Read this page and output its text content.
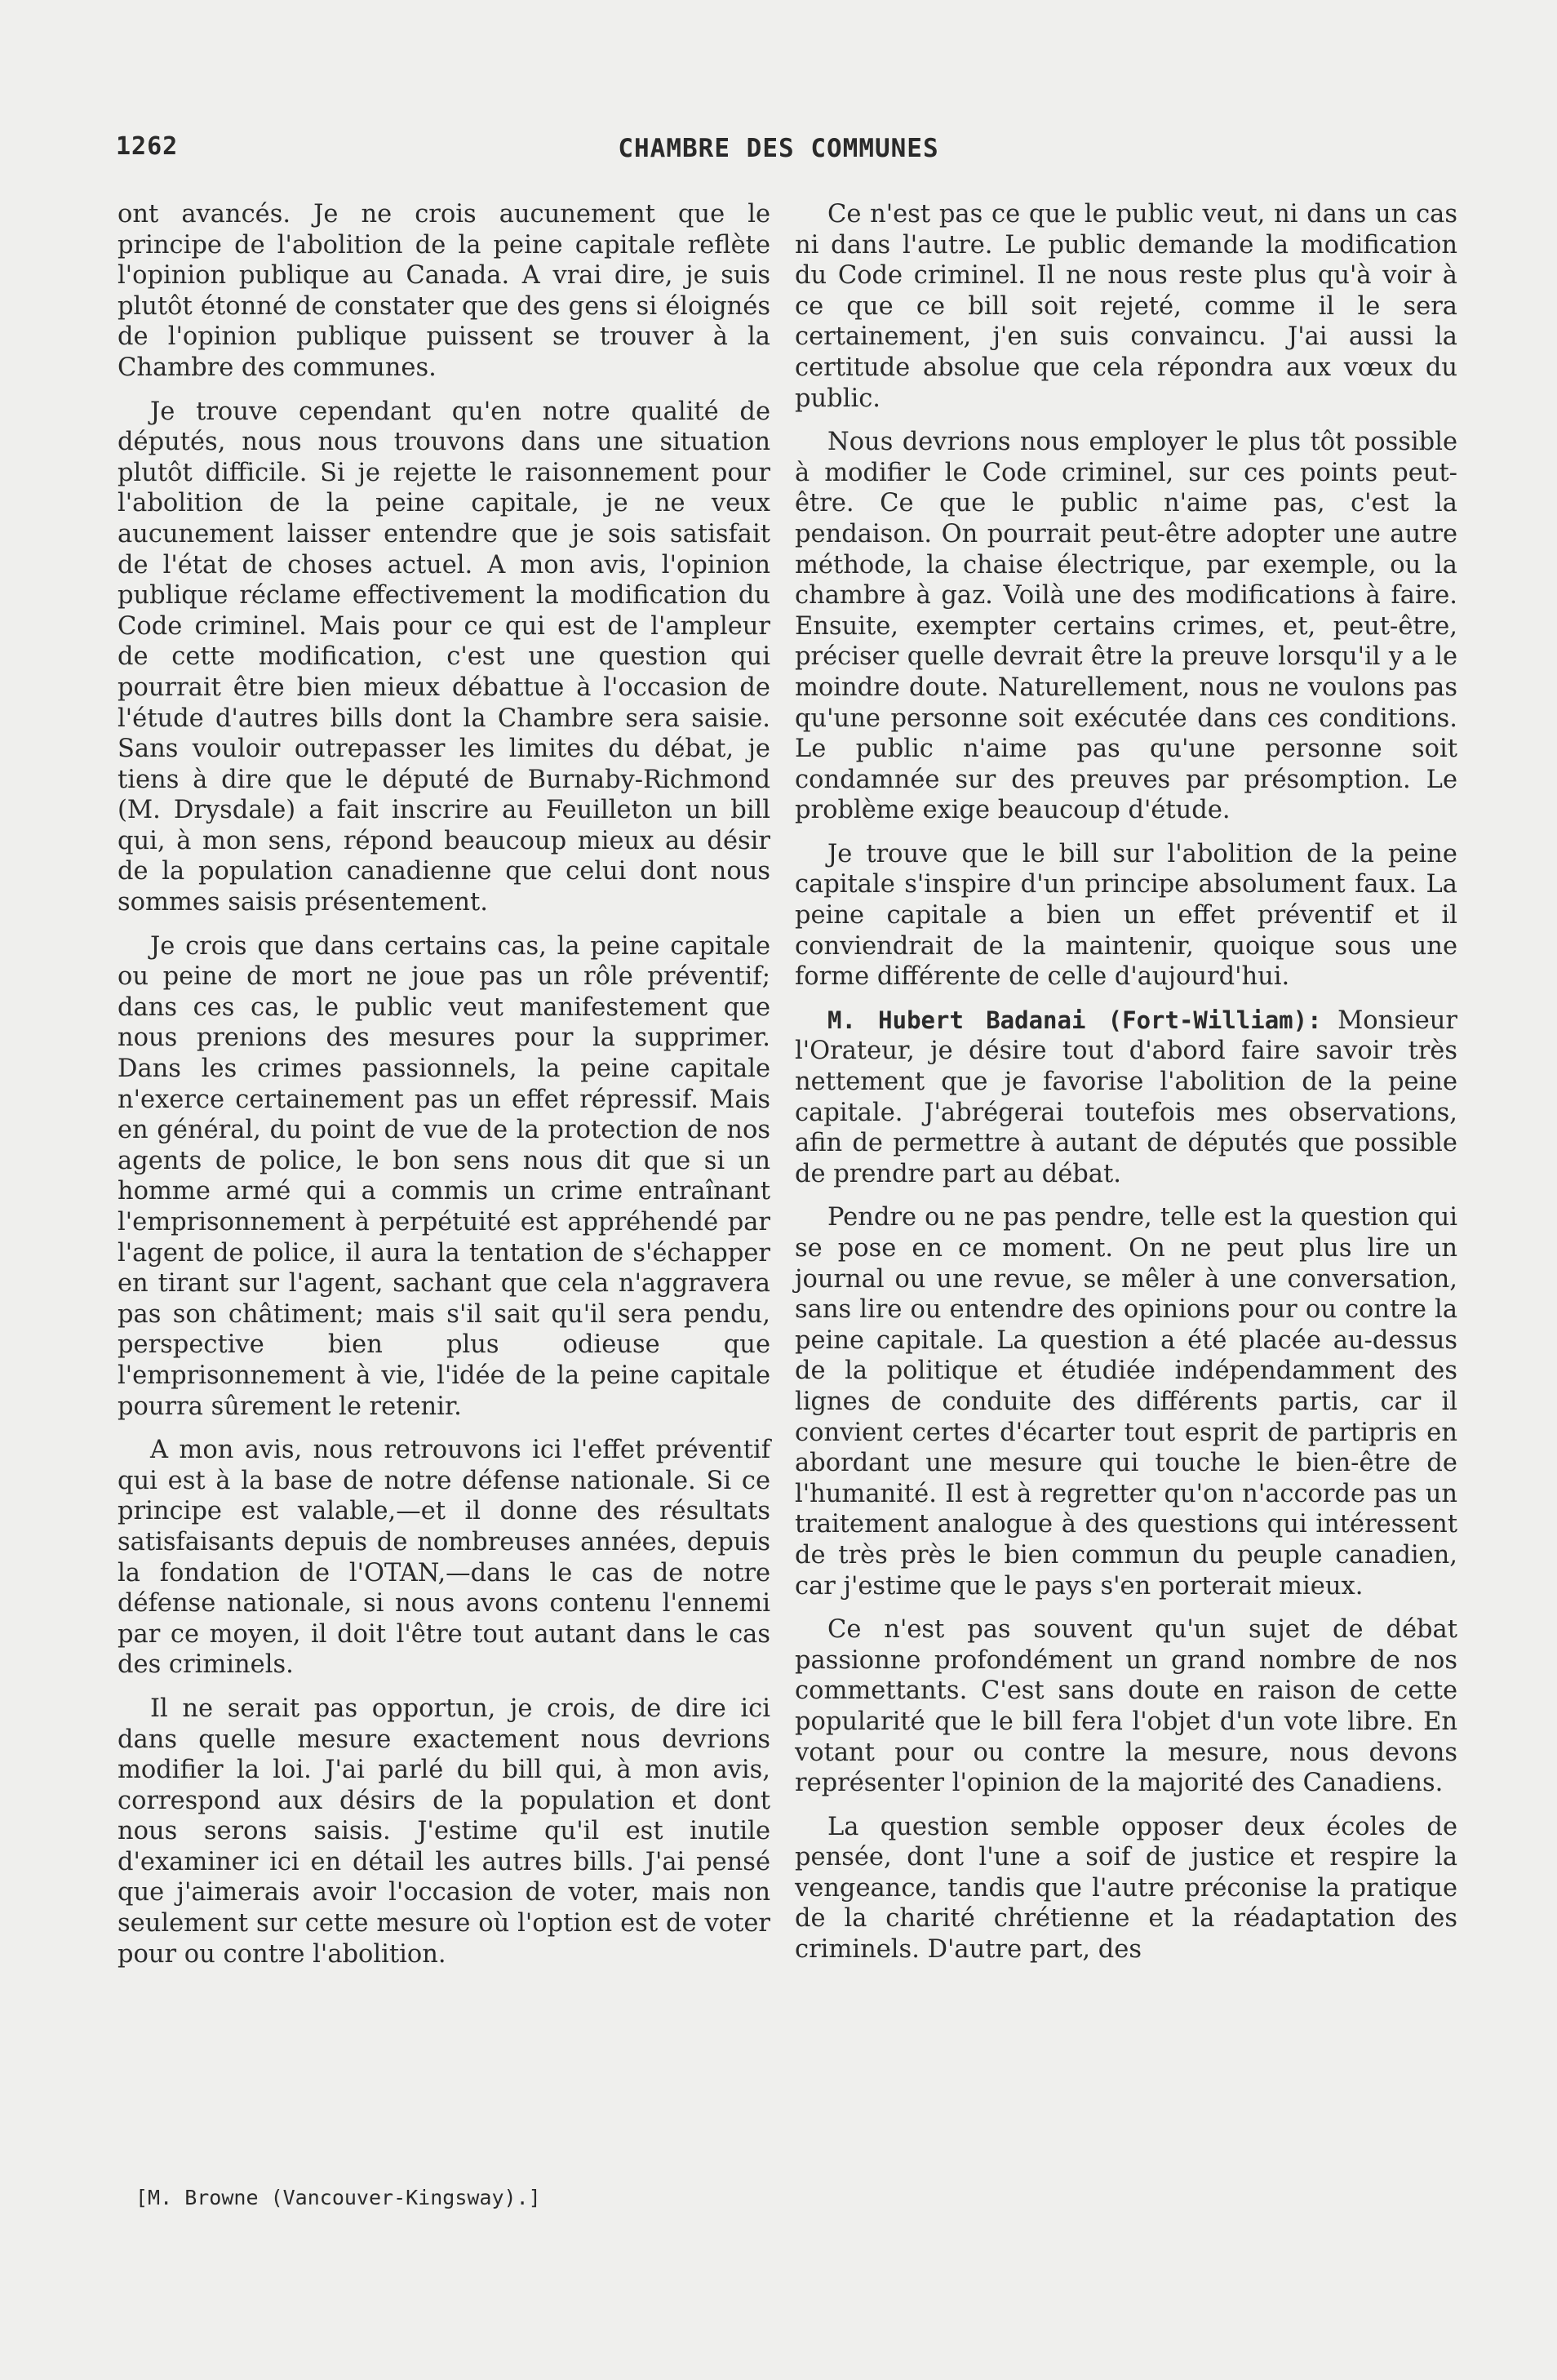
1262	CHAMBRE DES COMMUNES

ont avancés. Je ne crois aucunement que le principe de l'abolition de la peine capitale reflète l'opinion publique au Canada. A vrai dire, je suis plutôt étonné de constater que des gens si éloignés de l'opinion publique puissent se trouver à la Chambre des communes.

Je trouve cependant qu'en notre qualité de députés, nous nous trouvons dans une situation plutôt difficile. Si je rejette le raisonnement pour l'abolition de la peine capitale, je ne veux aucunement laisser entendre que je sois satisfait de l'état de choses actuel. A mon avis, l'opinion publique réclame effectivement la modification du Code criminel. Mais pour ce qui est de l'ampleur de cette modification, c'est une question qui pourrait être bien mieux débattue à l'occasion de l'étude d'autres bills dont la Chambre sera saisie. Sans vouloir outrepasser les limites du débat, je tiens à dire que le député de Burnaby-Richmond (M. Drysdale) a fait inscrire au Feuilleton un bill qui, à mon sens, répond beaucoup mieux au désir de la population canadienne que celui dont nous sommes saisis présentement.

Je crois que dans certains cas, la peine capitale ou peine de mort ne joue pas un rôle préventif; dans ces cas, le public veut manifestement que nous prenions des mesures pour la supprimer. Dans les crimes passionnels, la peine capitale n'exerce certainement pas un effet répressif. Mais en général, du point de vue de la protection de nos agents de police, le bon sens nous dit que si un homme armé qui a commis un crime entraînant l'emprisonnement à perpétuité est appréhendé par l'agent de police, il aura la tentation de s'échapper en tirant sur l'agent, sachant que cela n'aggravera pas son châtiment; mais s'il sait qu'il sera pendu, perspective bien plus odieuse que l'emprisonnement à vie, l'idée de la peine capitale pourra sûrement le retenir.

A mon avis, nous retrouvons ici l'effet préventif qui est à la base de notre défense nationale. Si ce principe est valable,—et il donne des résultats satisfaisants depuis de nombreuses années, depuis la fondation de l'OTAN,—dans le cas de notre défense nationale, si nous avons contenu l'ennemi par ce moyen, il doit l'être tout autant dans le cas des criminels.

Il ne serait pas opportun, je crois, de dire ici dans quelle mesure exactement nous devrions modifier la loi. J'ai parlé du bill qui, à mon avis, correspond aux désirs de la population et dont nous serons saisis. J'estime qu'il est inutile d'examiner ici en détail les autres bills. J'ai pensé que j'aimerais avoir l'occasion de voter, mais non seulement sur cette mesure où l'option est de voter pour ou contre l'abolition.

[M. Browne (Vancouver-Kingsway).]

Ce n'est pas ce que le public veut, ni dans un cas ni dans l'autre. Le public demande la modification du Code criminel. Il ne nous reste plus qu'à voir à ce que ce bill soit rejeté, comme il le sera certainement, j'en suis convaincu. J'ai aussi la certitude absolue que cela répondra aux vœux du public.

Nous devrions nous employer le plus tôt possible à modifier le Code criminel, sur ces points peut-être. Ce que le public n'aime pas, c'est la pendaison. On pourrait peut-être adopter une autre méthode, la chaise électrique, par exemple, ou la chambre à gaz. Voilà une des modifications à faire. Ensuite, exempter certains crimes, et, peut-être, préciser quelle devrait être la preuve lorsqu'il y a le moindre doute. Naturellement, nous ne voulons pas qu'une personne soit exécutée dans ces conditions. Le public n'aime pas qu'une personne soit condamnée sur des preuves par présomption. Le problème exige beaucoup d'étude.

Je trouve que le bill sur l'abolition de la peine capitale s'inspire d'un principe absolument faux. La peine capitale a bien un effet préventif et il conviendrait de la maintenir, quoique sous une forme différente de celle d'aujourd'hui.

M. Hubert Badanai (Fort-William): Monsieur l'Orateur, je désire tout d'abord faire savoir très nettement que je favorise l'abolition de la peine capitale. J'abrégerai toutefois mes observations, afin de permettre à autant de députés que possible de prendre part au débat.

Pendre ou ne pas pendre, telle est la question qui se pose en ce moment. On ne peut plus lire un journal ou une revue, se mêler à une conversation, sans lire ou entendre des opinions pour ou contre la peine capitale. La question a été placée au-dessus de la politique et étudiée indépendamment des lignes de conduite des différents partis, car il convient certes d'écarter tout esprit de partipris en abordant une mesure qui touche le bien-être de l'humanité. Il est à regretter qu'on n'accorde pas un traitement analogue à des questions qui intéressent de très près le bien commun du peuple canadien, car j'estime que le pays s'en porterait mieux.

Ce n'est pas souvent qu'un sujet de débat passionne profondément un grand nombre de nos commettants. C'est sans doute en raison de cette popularité que le bill fera l'objet d'un vote libre. En votant pour ou contre la mesure, nous devons représenter l'opinion de la majorité des Canadiens.

La question semble opposer deux écoles de pensée, dont l'une a soif de justice et respire la vengeance, tandis que l'autre préconise la pratique de la charité chrétienne et la réadaptation des criminels. D'autre part, des
